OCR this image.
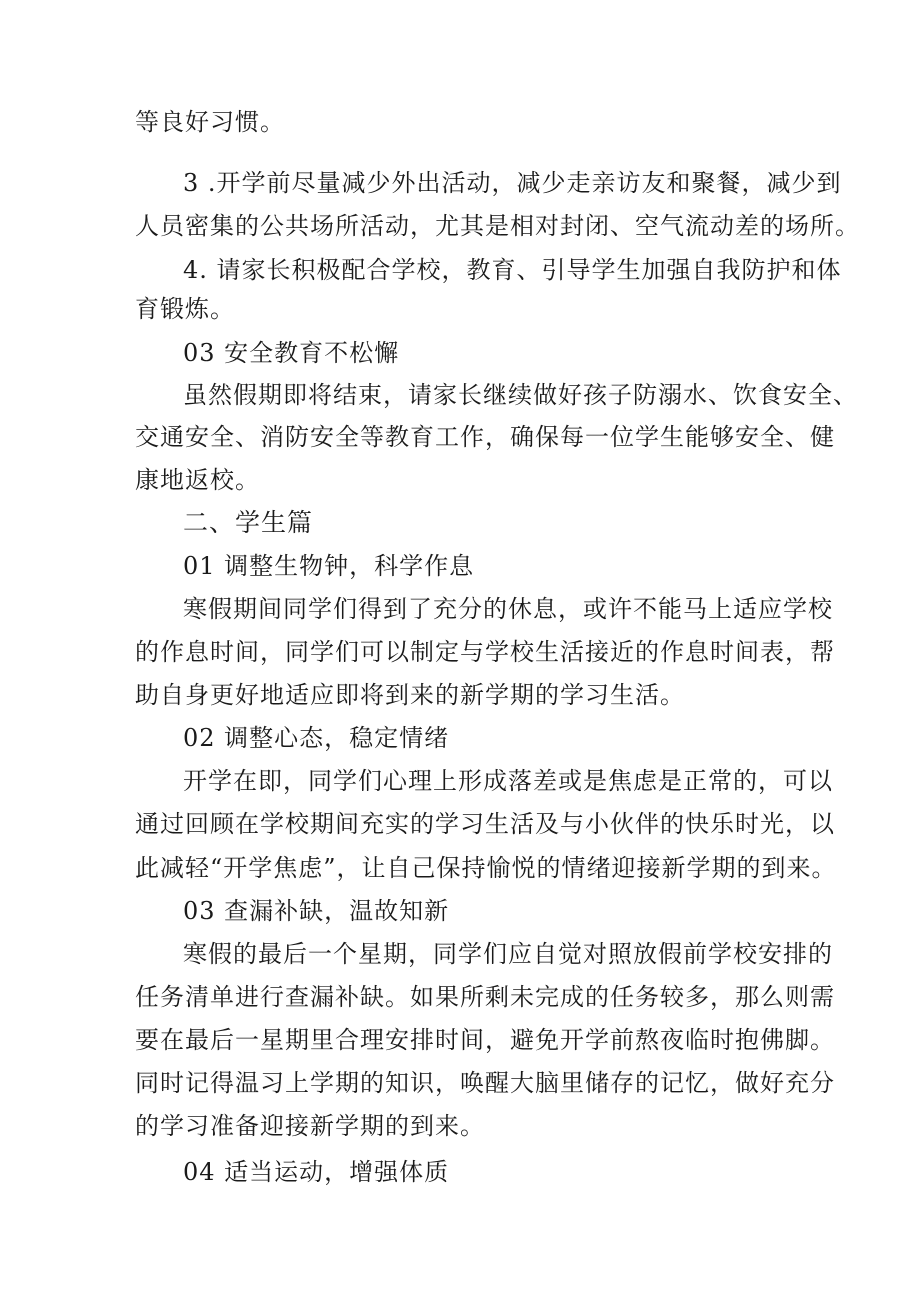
等良好习惯。
3 .开学前尽量减少外出活动，减少走亲访友和聚餐，减少到
人员密集的公共场所活动，尤其是相对封闭、空气流动差的场所。
4. 请家长积极配合学校，教育、引导学生加强自我防护和体
育锻炼。
03 安全教育不松懈
虽然假期即将结束，请家长继续做好孩子防溺水、饮食安全、
交通安全、消防安全等教育工作，确保每一位学生能够安全、健
康地返校。
二、学生篇
01 调整生物钟，科学作息
寒假期间同学们得到了充分的休息，或许不能马上适应学校
的作息时间，同学们可以制定与学校生活接近的作息时间表，帮
助自身更好地适应即将到来的新学期的学习生活。
02 调整心态，稳定情绪
开学在即，同学们心理上形成落差或是焦虑是正常的，可以
通过回顾在学校期间充实的学习生活及与小伙伴的快乐时光，以
此减轻“开学焦虑”，让自己保持愉悦的情绪迎接新学期的到来。
03 查漏补缺，温故知新
寒假的最后一个星期，同学们应自觉对照放假前学校安排的
任务清单进行查漏补缺。如果所剩未完成的任务较多，那么则需
要在最后一星期里合理安排时间，避免开学前熬夜临时抱佛脚。
同时记得温习上学期的知识，唤醒大脑里储存的记忆，做好充分
的学习准备迎接新学期的到来。
04 适当运动，增强体质
